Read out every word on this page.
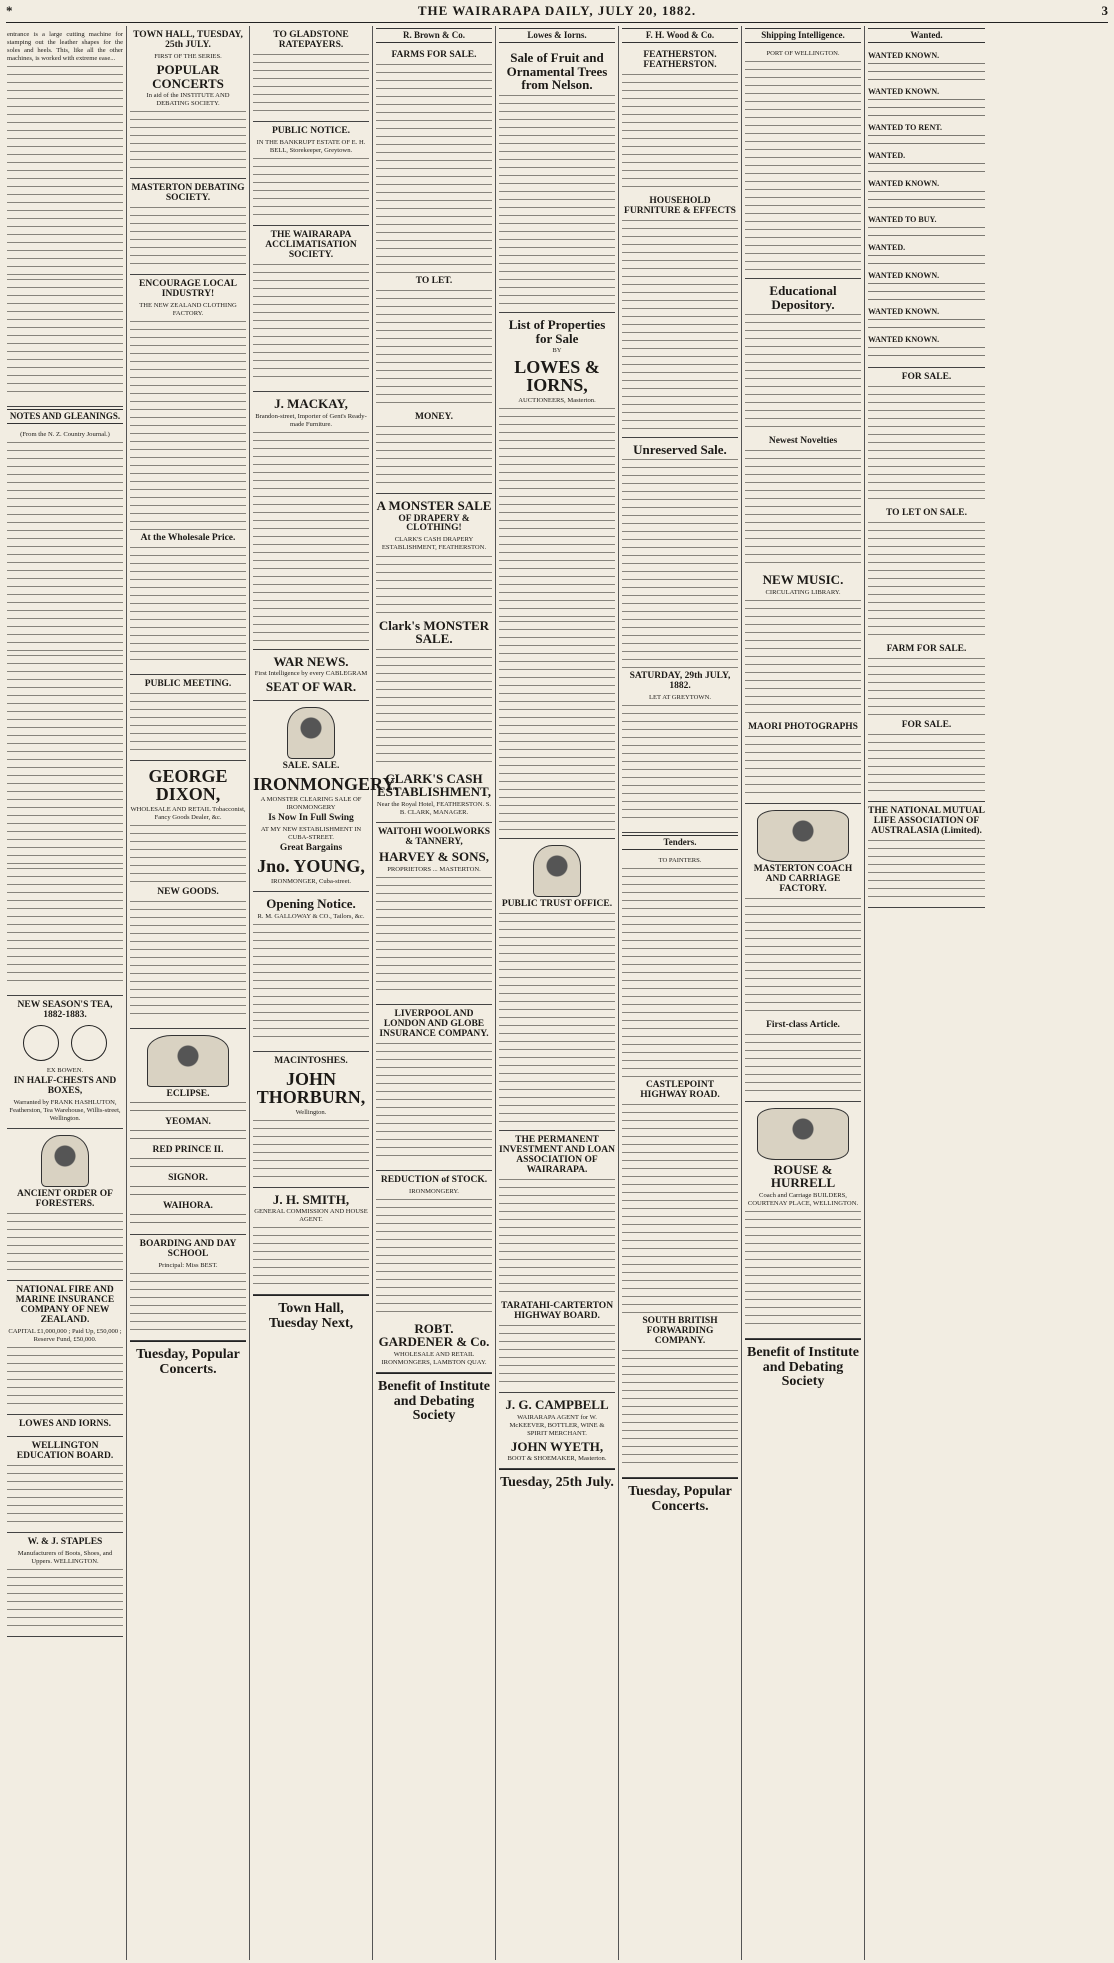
*	THE WAIRARAPA DAILY, JULY 20, 1882.	3

entrance is a large cutting machine for stamping out the leather shapes for the soles and heels. This, like all the other machines, is worked with extreme ease...

NOTES AND GLEANINGS.
(From the N. Z. Country Journal.)
NEW SEASON'S TEA, 1882-1883.
EX BOWEN.
IN HALF-CHESTS AND BOXES,
Warranted by FRANK HASHLUTON, Featherston, Tea Warehouse, Willis-street, Wellington.
ANCIENT ORDER OF FORESTERS.
NATIONAL FIRE AND MARINE INSURANCE COMPANY OF NEW ZEALAND.
CAPITAL £1,000,000 ; Paid Up, £50,000 ; Reserve Fund, £50,000.
LOWES AND IORNS.
WELLINGTON EDUCATION BOARD.
W. & J. STAPLES
Manufacturers of Boots, Shoes, and Uppers. WELLINGTON.
TOWN HALL, TUESDAY, 25th JULY.
FIRST OF THE SERIES.
POPULAR CONCERTS
In aid of the INSTITUTE AND DEBATING SOCIETY.
MASTERTON DEBATING SOCIETY.
ENCOURAGE LOCAL INDUSTRY!
THE NEW ZEALAND CLOTHING FACTORY.
At the Wholesale Price.
PUBLIC MEETING.
GEORGE DIXON,
WHOLESALE AND RETAIL Tobacconist, Fancy Goods Dealer, &c.
NEW GOODS.
ECLIPSE.
YEOMAN.
RED PRINCE II.
SIGNOR.
WAIHORA.
BOARDING AND DAY SCHOOL
Principal: Miss BEST.
Tuesday, Popular Concerts.
TO GLADSTONE RATEPAYERS.
PUBLIC NOTICE.
IN THE BANKRUPT ESTATE OF E. H. BELL, Storekeeper, Greytown.
THE WAIRARAPA ACCLIMATISATION SOCIETY.
J. MACKAY,
Brandon-street, Importer of Gent's Ready-made Furniture.
WAR NEWS.
First Intelligence by every CABLEGRAM
SEAT OF WAR.
SALE. SALE.
IRONMONGERY.
A MONSTER CLEARING SALE OF IRONMONGERY
Is Now In Full Swing
AT MY NEW ESTABLISHMENT IN CUBA-STREET.
Great Bargains
Jno. YOUNG,
IRONMONGER, Cuba-street.
Opening Notice.
R. M. GALLOWAY & CO., Tailors, &c.
MACINTOSHES.
JOHN THORBURN,
Wellington.
J. H. SMITH,
GENERAL COMMISSION AND HOUSE AGENT.
Town Hall, Tuesday Next,
R. Brown & Co.
FARMS FOR SALE.
TO LET.
MONEY.
A MONSTER SALE
OF DRAPERY & CLOTHING!
CLARK'S CASH DRAPERY ESTABLISHMENT, FEATHERSTON.
Clark's MONSTER SALE.
CLARK'S CASH ESTABLISHMENT,
Near the Royal Hotel, FEATHERSTON. S. B. CLARK, MANAGER.
WAITOHI WOOLWORKS & TANNERY,
HARVEY & SONS,
PROPRIETORS ... MASTERTON.
LIVERPOOL AND LONDON AND GLOBE INSURANCE COMPANY.
REDUCTION of STOCK.
IRONMONGERY.
ROBT. GARDENER & Co.
WHOLESALE AND RETAIL IRONMONGERS, LAMBTON QUAY.
Benefit of Institute and Debating Society
Lowes & Iorns.
Sale of Fruit and Ornamental Trees from Nelson.
List of Properties for Sale
BY
LOWES & IORNS,
AUCTIONEERS, Masterton.
PUBLIC TRUST OFFICE.
THE PERMANENT INVESTMENT AND LOAN ASSOCIATION OF WAIRARAPA.
TARATAHI-CARTERTON HIGHWAY BOARD.
J. G. CAMPBELL
WAIRARAPA AGENT for W. McKEEVER, BOTTLER, WINE & SPIRIT MERCHANT.
JOHN WYETH,
BOOT & SHOEMAKER, Masterton.
Tuesday, 25th July.
F. H. Wood & Co.
FEATHERSTON. FEATHERSTON.
HOUSEHOLD FURNITURE & EFFECTS
Unreserved Sale.
SATURDAY, 29th JULY, 1882.
LET AT GREYTOWN.
Tenders.
TO PAINTERS.
CASTLEPOINT HIGHWAY ROAD.
SOUTH BRITISH FORWARDING COMPANY.
Tuesday, Popular Concerts.
Shipping Intelligence.
PORT OF WELLINGTON.
Educational Depository.
Newest Novelties
NEW MUSIC.
CIRCULATING LIBRARY.
MAORI PHOTOGRAPHS
MASTERTON COACH AND CARRIAGE FACTORY.
First-class Article.
ROUSE & HURRELL
Coach and Carriage BUILDERS, COURTENAY PLACE, WELLINGTON.
Benefit of Institute and Debating Society
Wanted.
WANTED KNOWN.
WANTED KNOWN.
WANTED TO RENT.
WANTED.
WANTED KNOWN.
WANTED TO BUY.
WANTED.
WANTED KNOWN.
WANTED KNOWN.
WANTED KNOWN.
FOR SALE.
TO LET ON SALE.
FARM FOR SALE.
FOR SALE.
THE NATIONAL MUTUAL LIFE ASSOCIATION OF AUSTRALASIA (Limited).
